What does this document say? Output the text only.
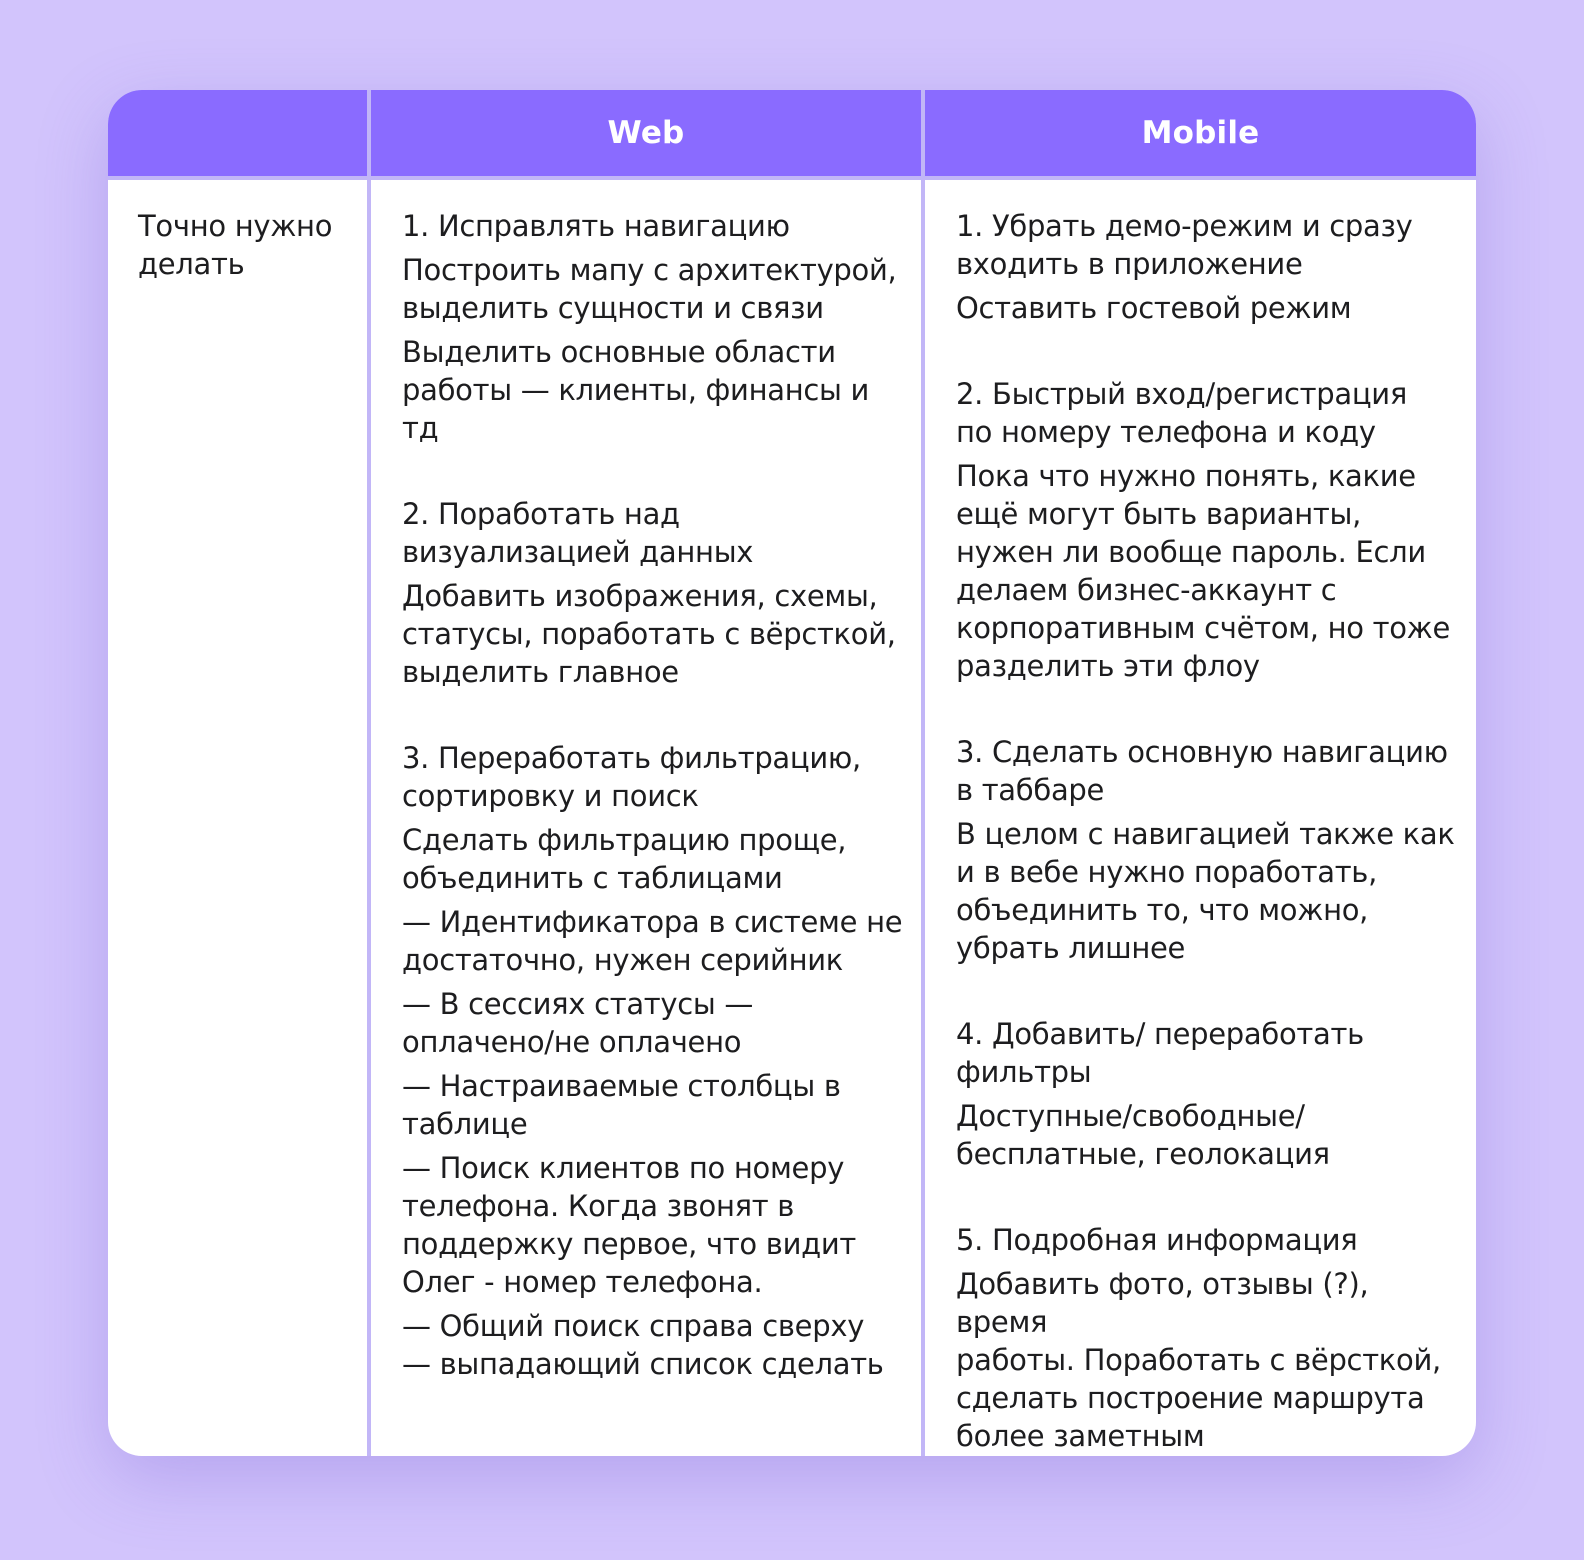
Web	Mobile

Точно нужно
делать

1. Исправлять навигацию

Построить мапу с архитектурой,
выделить сущности и связи

Выделить основные области
работы — клиенты, финансы и тд

2. Поработать над
визуализацией данных

Добавить изображения, схемы,
статусы, поработать с вёрсткой,
выделить главное

3. Переработать фильтрацию,
сортировку и поиск

Сделать фильтрацию проще,
объединить с таблицами

— Идентификатора в системе не
достаточно, нужен серийник

— В сессиях статусы —
оплачено/не оплачено

— Настраиваемые столбцы в
таблице

— Поиск клиентов по номеру
телефона. Когда звонят в
поддержку первое, что видит
Олег - номер телефона.

— Общий поиск справа сверху
— выпадающий список сделать

1. Убрать демо-режим и сразу
входить в приложение

Оставить гостевой режим

2. Быстрый вход/регистрация
по номеру телефона и коду

Пока что нужно понять, какие
ещё могут быть варианты,
нужен ли вообще пароль. Если
делаем бизнес-аккаунт с
корпоративным счётом, но тоже
разделить эти флоу

3. Сделать основную навигацию
в таббаре

В целом с навигацией также как
и в вебе нужно поработать,
объединить то, что можно,
убрать лишнее

4. Добавить/ переработать
фильтры

Доступные/свободные/
бесплатные, геолокация

5. Подробная информация

Добавить фото, отзывы (?), время
работы. Поработать с вёрсткой,
сделать построение маршрута
более заметным
